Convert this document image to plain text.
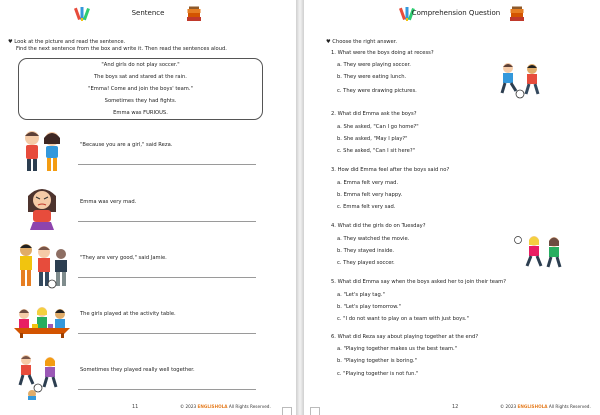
Sentence
♥ Look at the picture and read the sentence.
Find the next sentence from the box and write it. Then read the sentences aloud.
"And girls do not play soccer."
The boys sat and stared at the rain.
"Emma! Come and join the boys' team."
Sometimes they had fights.
Emma was FURIOUS.
"Because you are a girl," said Reza.
Emma was very mad.
"They are very good," said Jamie.
The girls played at the activity table.
Sometimes they played really well together.
11	© 2023 ENGLISHOLA All Rights Reserved.
Comprehension Question
♥ Choose the right answer.
12	© 2023 ENGLISHOLA All Rights Reserved.
1. What were the boys doing at recess?
a. They were playing soccer.
b. They were eating lunch.
c. They were drawing pictures.
2. What did Emma ask the boys?
a. She asked, "Can I go home?"
b. She asked, "May I play?"
c. She asked, "Can I sit here?"
3. How did Emma feel after the boys said no?
a. Emma felt very mad.
b. Emma felt very happy.
c. Emma felt very sad.
4. What did the girls do on Tuesday?
a. They watched the movie.
b. They stayed inside.
c. They played soccer.
5. What did Emma say when the boys asked her to join their team?
a. "Let's play tag."
b. "Let's play tomorrow."
c. "I do not want to play on a team with just boys."
6. What did Reza say about playing together at the end?
a. "Playing together makes us the best team."
b. "Playing together is boring."
c. "Playing together is not fun."
